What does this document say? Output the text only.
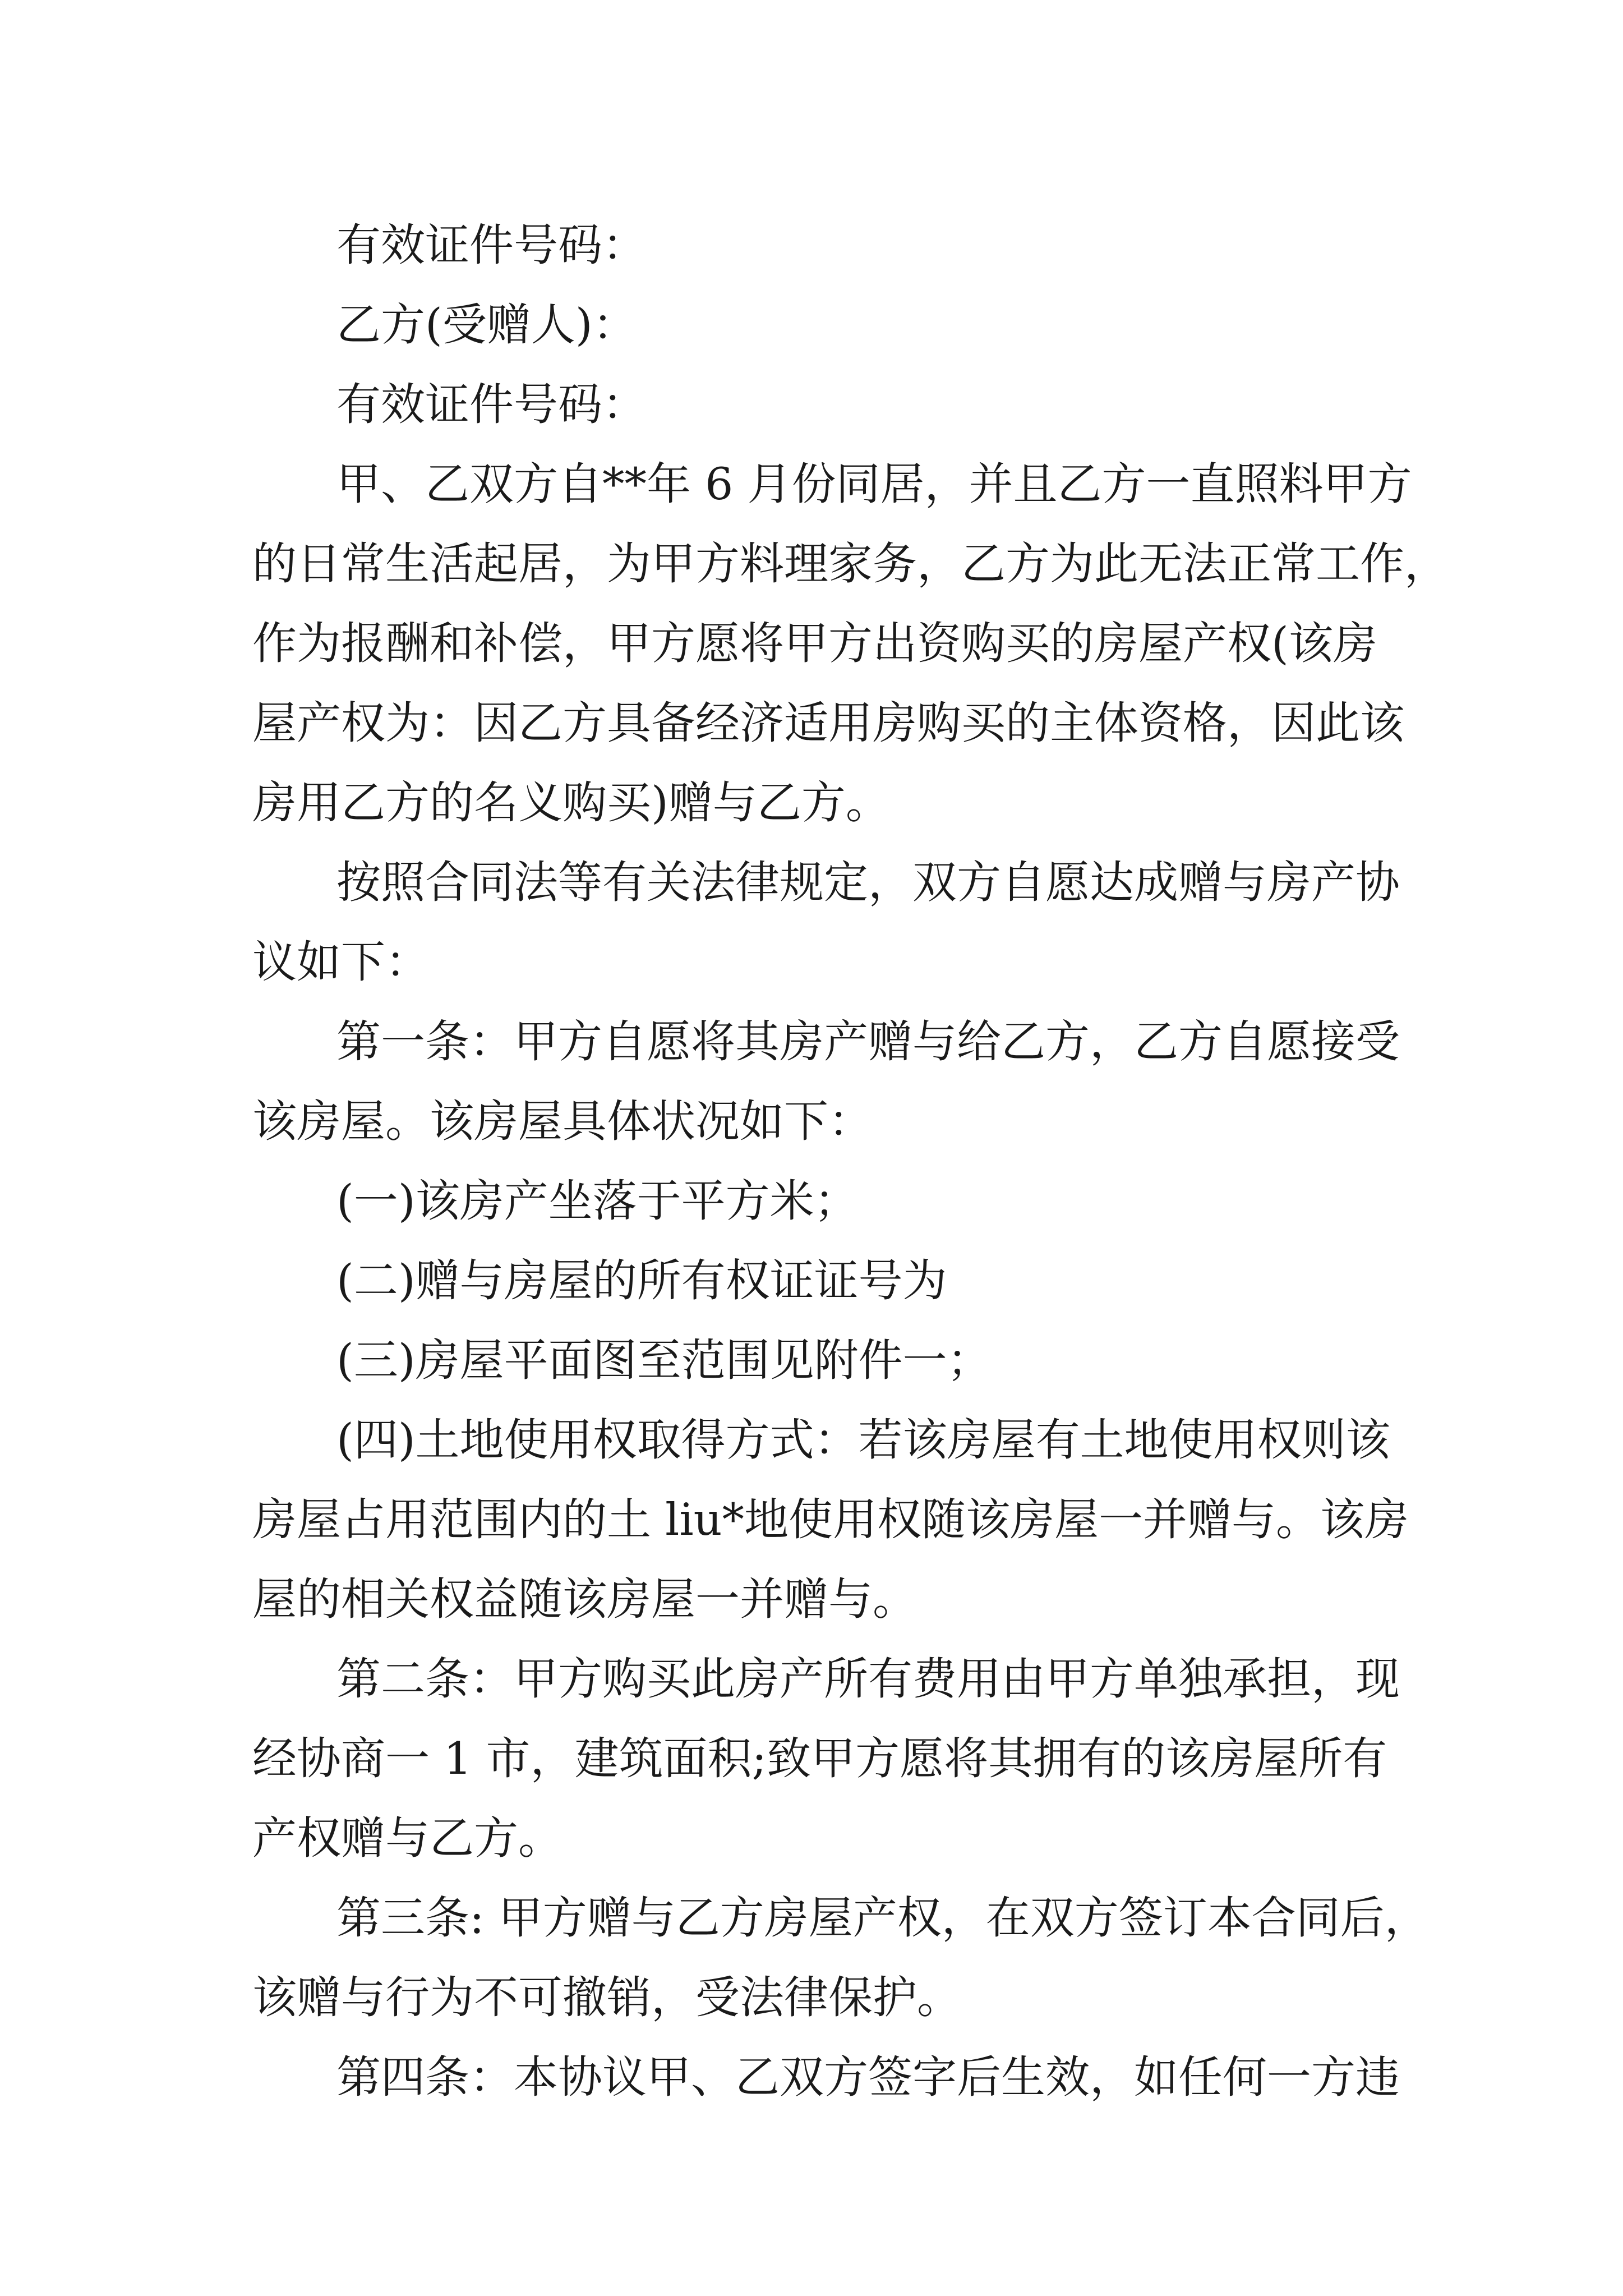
有效证件号码：
乙方(受赠人)：
有效证件号码：
甲、乙双方自**年 6 月份同居，并且乙方一直照料甲方
的日常生活起居，为甲方料理家务，乙方为此无法正常工作，
作为报酬和补偿，甲方愿将甲方出资购买的房屋产权(该房
屋产权为：因乙方具备经济适用房购买的主体资格，因此该
房用乙方的名义购买)赠与乙方。
按照合同法等有关法律规定，双方自愿达成赠与房产协
议如下：
第一条：甲方自愿将其房产赠与给乙方，乙方自愿接受
该房屋。该房屋具体状况如下：
(一)该房产坐落于平方米；
(二)赠与房屋的所有权证证号为
(三)房屋平面图至范围见附件一；
(四)土地使用权取得方式：若该房屋有土地使用权则该
房屋占用范围内的土 liu*地使用权随该房屋一并赠与。该房
屋的相关权益随该房屋一并赠与。
第二条：甲方购买此房产所有费用由甲方单独承担，现
经协商一 1 市，建筑面积;致甲方愿将其拥有的该房屋所有
产权赠与乙方。
第三条: 甲方赠与乙方房屋产权，在双方签订本合同后，
该赠与行为不可撤销，受法律保护。
第四条：本协议甲、乙双方签字后生效，如任何一方违
